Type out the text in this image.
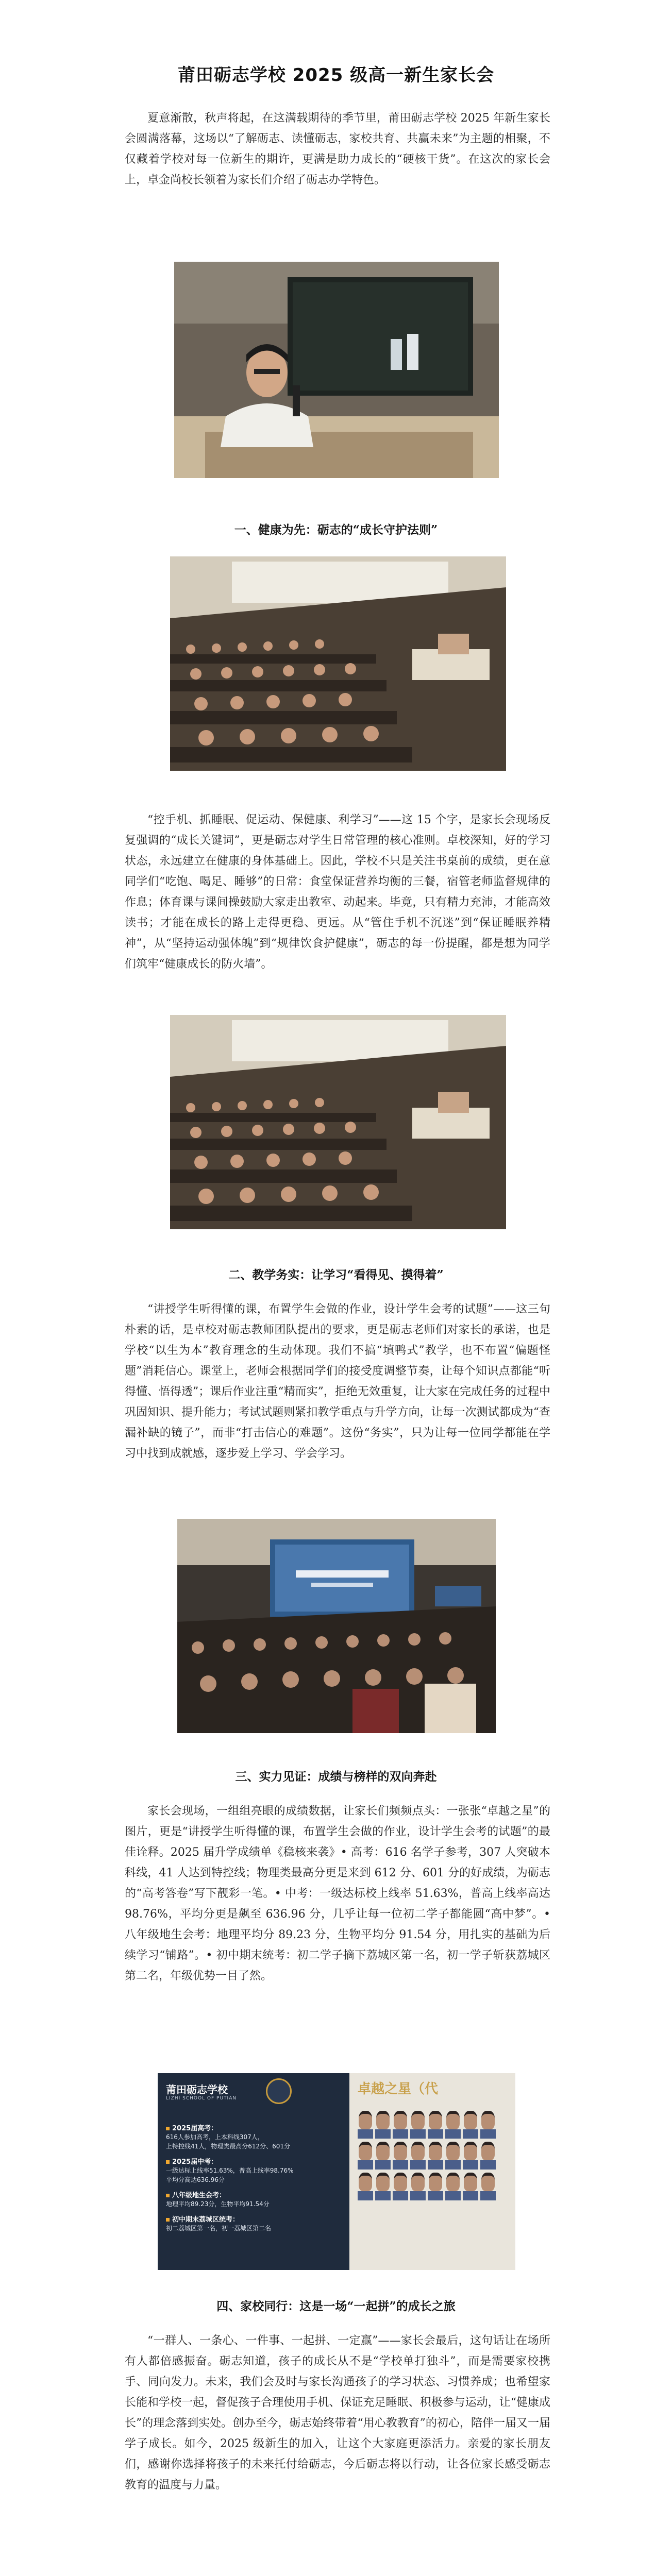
莆田砺志学校 2025 级高一新生家长会

夏意渐散，秋声将起，在这满载期待的季节里，莆田砺志学校 2025 年新生家长会圆满落幕，这场以“了解砺志、读懂砺志，家校共育、共赢未来”为主题的相聚，不仅藏着学校对每一位新生的期许，更满是助力成长的“硬核干货”。在这次的家长会上，卓金尚校长领着为家长们介绍了砺志办学特色。

一、健康为先：砺志的“成长守护法则”

“控手机、抓睡眠、促运动、保健康、利学习”——这 15 个字，是家长会现场反复强调的“成长关键词”，更是砺志对学生日常管理的核心准则。卓校深知，好的学习状态，永远建立在健康的身体基础上。因此，学校不只是关注书桌前的成绩，更在意同学们“吃饱、喝足、睡够”的日常：食堂保证营养均衡的三餐，宿管老师监督规律的作息；体育课与课间操鼓励大家走出教室、动起来。毕竟，只有精力充沛，才能高效读书；才能在成长的路上走得更稳、更远。从“管住手机不沉迷”到“保证睡眠养精神”，从“坚持运动强体魄”到“规律饮食护健康”，砺志的每一份提醒，都是想为同学们筑牢“健康成长的防火墙”。

二、教学务实：让学习“看得见、摸得着”

“讲授学生听得懂的课，布置学生会做的作业，设计学生会考的试题”——这三句朴素的话，是卓校对砺志教师团队提出的要求，更是砺志老师们对家长的承诺，也是学校“以生为本”教育理念的生动体现。我们不搞“填鸭式”教学，也不布置“偏题怪题”消耗信心。课堂上，老师会根据同学们的接受度调整节奏，让每个知识点都能“听得懂、悟得透”；课后作业注重“精而实”，拒绝无效重复，让大家在完成任务的过程中巩固知识、提升能力；考试试题则紧扣教学重点与升学方向，让每一次测试都成为“查漏补缺的镜子”，而非“打击信心的难题”。这份“务实”，只为让每一位同学都能在学习中找到成就感，逐步爱上学习、学会学习。

三、实力见证：成绩与榜样的双向奔赴

家长会现场，一组组亮眼的成绩数据，让家长们频频点头：一张张“卓越之星”的图片，更是“讲授学生听得懂的课，布置学生会做的作业，设计学生会考的试题”的最佳诠释。2025 届升学成绩单《稳核来袭》• 高考：616 名学子参考，307 人突破本科线，41 人达到特控线；物理类最高分更是来到 612 分、601 分的好成绩，为砺志的“高考答卷”写下靓彩一笔。• 中考：一级达标校上线率 51.63%，普高上线率高达 98.76%，平均分更是飙至 636.96 分，几乎让每一位初二学子都能圆“高中梦”。• 八年级地生会考：地理平均分 89.23 分，生物平均分 91.54 分，用扎实的基础为后续学习“铺路”。• 初中期末统考：初二学子摘下荔城区第一名，初一学子斩获荔城区第二名，年级优势一目了然。

莆田砺志学校
LIZHI SCHOOL OF PUTIAN
2025届高考：
616人参加高考，上本科线307人，
上特控线41人，物理类最高分612分、601分
2025届中考：
一级达标上线率51.63%，普高上线率98.76%
平均分高达636.96分
八年级地生会考：
地理平均89.23分，生物平均91.54分
初中期末荔城区统考：
初二荔城区第一名，初一荔城区第二名
卓越之星（代
四、家校同行：这是一场“一起拼”的成长之旅

“一群人、一条心、一件事、一起拼、一定赢”——家长会最后，这句话让在场所有人都倍感振奋。砺志知道，孩子的成长从不是“学校单打独斗”，而是需要家校携手、同向发力。未来，我们会及时与家长沟通孩子的学习状态、习惯养成；也希望家长能和学校一起，督促孩子合理使用手机、保证充足睡眠、积极参与运动，让“健康成长”的理念落到实处。创办至今，砺志始终带着“用心教教育”的初心，陪伴一届又一届学子成长。如今，2025 级新生的加入，让这个大家庭更添活力。亲爱的家长朋友们，感谢你选择将孩子的未来托付给砺志，今后砺志将以行动，让各位家长感受砺志教育的温度与力量。
